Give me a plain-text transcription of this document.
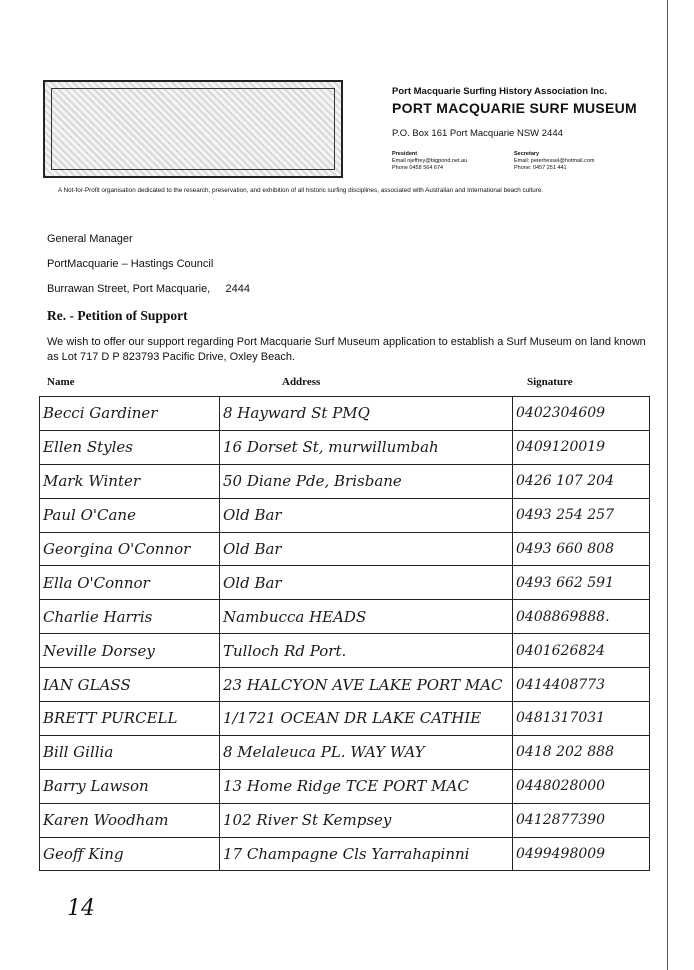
Port Macquarie Surfing History Association Inc.
PORT MACQUARIE SURF MUSEUM
P.O. Box 161 Port Macquarie NSW 2444
President
Email njeffrey@bigpond.net.au
Phone 0458 564 674
Secretary
Email: peterhessel@hotmail.com
Phone: 0457 251 441
A Not-for-Profit organisation dedicated to the research, preservation, and exhibition of all historic surfing disciplines, associated with Australian and International beach culture.
General Manager
PortMacquarie – Hastings Council
Burrawan Street, Port Macquarie,     2444
Re. - Petition of Support
We wish to offer our support regarding Port Macquarie Surf Museum application to establish a Surf Museum on land known as Lot 717 D P 823793 Pacific Drive, Oxley Beach.
Name	Address	Signature
Becci Gardiner	8 Hayward St PMQ	0402304609
Ellen Styles	16 Dorset St, murwillumbah	0409120019
Mark Winter	50 Diane Pde, Brisbane	0426 107 204
Paul O'Cane	Old Bar	0493 254 257
Georgina O'Connor	Old Bar	0493 660 808
Ella O'Connor	Old Bar	0493 662 591
Charlie Harris	Nambucca HEADS	0408869888.
Neville Dorsey	Tulloch Rd Port.	0401626824
IAN GLASS	23 HALCYON AVE LAKE PORT MAC	0414408773
BRETT PURCELL	1/1721 OCEAN DR LAKE CATHIE	0481317031
Bill Gillia	8 Melaleuca PL. WAY WAY	0418 202 888
Barry Lawson	13 Home Ridge TCE PORT MAC	0448028000
Karen Woodham	102 River St Kempsey	0412877390
Geoff King	17 Champagne Cls Yarrahapinni	0499498009
14
